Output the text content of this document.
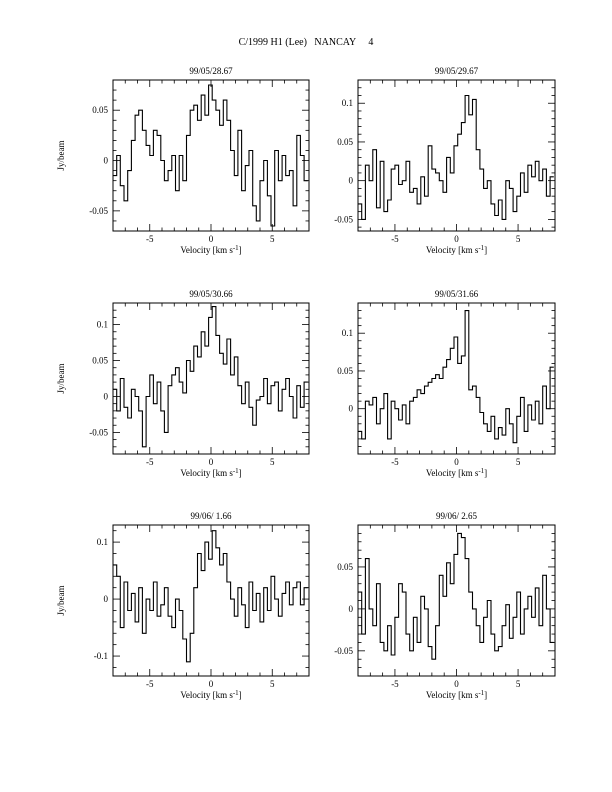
C/1999 H1 (Lee)   NANCAY     4
99/05/28.67
-5	0	5
-0.05
0
0.05
Velocity [km $s^{-1}$]
Jy/beam
99/05/29.67
-5	0	5
-0.05
0
0.05
0.1
Velocity [km $s^{-1}$]
99/05/30.66
-5	0	5
-0.05
0
0.05
0.1
Velocity [km $s^{-1}$]
Jy/beam
99/05/31.66
-5	0	5
0
0.05
0.1
Velocity [km $s^{-1}$]
99/06/ 1.66
-5	0	5
-0.1
0
0.1
Velocity [km $s^{-1}$]
Jy/beam
99/06/ 2.65
-5	0	5
-0.05
0
0.05
Velocity [km $s^{-1}$]
